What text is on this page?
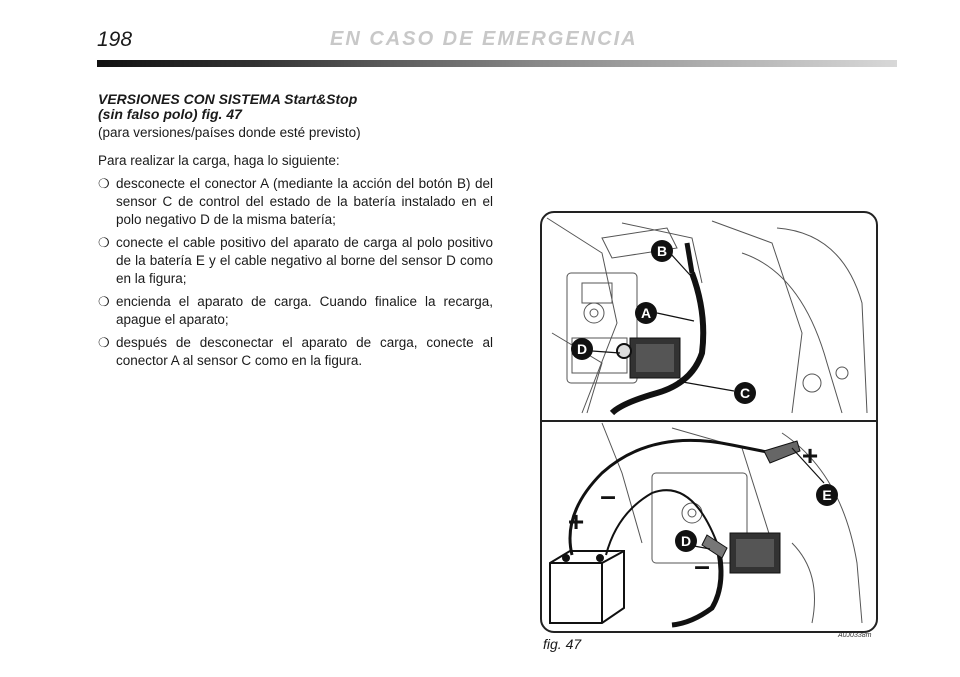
198	EN CASO DE EMERGENCIA

VERSIONES CON SISTEMA Start&Stop

(sin falso polo) fig. 47

(para versiones/países donde esté previsto)

Para realizar la carga, haga lo siguiente:

❍ desconecte el conector A (mediante la acción del botón B) del sensor C de control del estado de la batería instalado en el polo negativo D de la misma batería;
❍ conecte el cable positivo del aparato de carga al polo positivo de la batería E y el cable negativo al borne del sensor D como en la figura;
❍ encienda el aparato de carga. Cuando finalice la recarga, apague el aparato;
❍ después de desconectar el aparato de carga, conecte al conector A al sensor C como en la figura.
B
A
D
C
E
D
+
–
+
–
fig. 47
A0J0338m
